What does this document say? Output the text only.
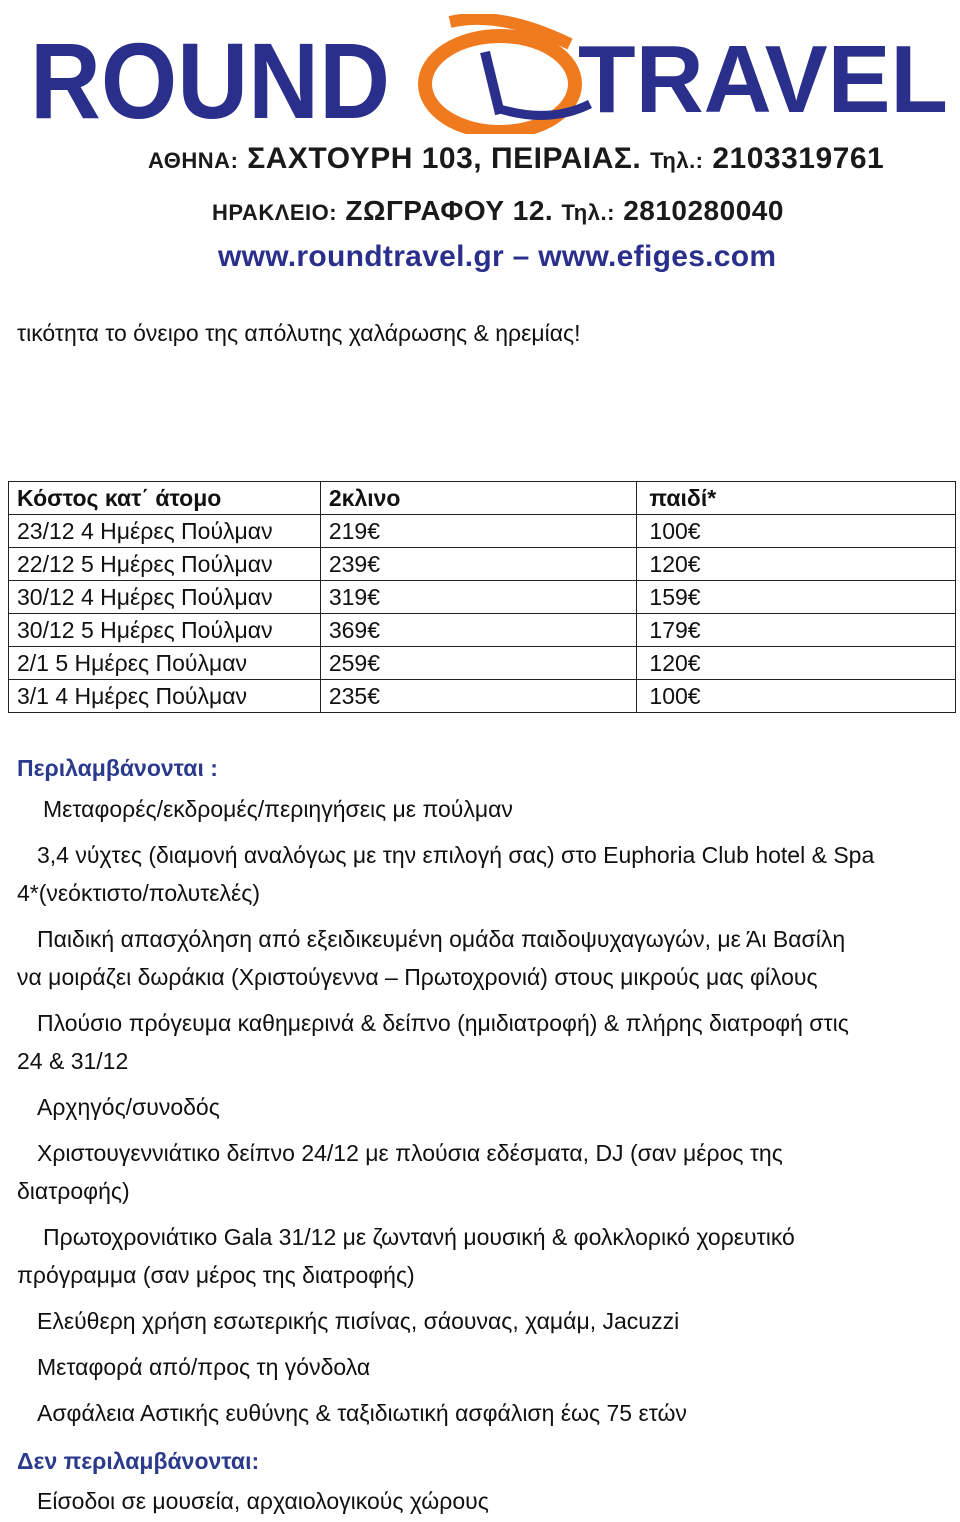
ROUND TRAVEL
ΑΘΗΝΑ: ΣΑΧΤΟΥΡΗ 103, ΠΕΙΡΑΙΑΣ. Τηλ.: 2103319761
ΗΡΑΚΛΕΙΟ: ΖΩΓΡΑΦΟΥ 12. Τηλ.: 2810280040
www.roundtravel.gr – www.efiges.com
τικότητα το όνειρο της απόλυτης χαλάρωσης & ηρεμίας!
Κόστος κατ΄ άτομο	2κλινο	παιδί*
23/12 4 Ημέρες Πούλμαν	219€	100€
22/12 5 Ημέρες Πούλμαν	239€	120€
30/12 4 Ημέρες Πούλμαν	319€	159€
30/12 5 Ημέρες Πούλμαν	369€	179€
2/1 5 Ημέρες Πούλμαν	259€	120€
3/1 4 Ημέρες Πούλμαν	235€	100€
Περιλαμβάνονται :
Μεταφορές/εκδρομές/περιηγήσεις με πούλμαν
3,4 νύχτες (διαμονή αναλόγως με την επιλογή σας) στο Euphoria Club hotel & Spa
4*(νεόκτιστο/πολυτελές)
Παιδική απασχόληση από εξειδικευμένη ομάδα παιδοψυχαγωγών, με Άι Βασίλη
να μοιράζει δωράκια (Χριστούγεννα – Πρωτοχρονιά) στους μικρούς μας φίλους
Πλούσιο πρόγευμα καθημερινά & δείπνο (ημιδιατροφή) & πλήρης διατροφή στις
24 & 31/12
Αρχηγός/συνοδός
Χριστουγεννιάτικο δείπνο 24/12 με πλούσια εδέσματα, DJ (σαν μέρος της
διατροφής)
Πρωτοχρονιάτικο Gala 31/12 με ζωντανή μουσική & φολκλορικό χορευτικό
πρόγραμμα (σαν μέρος της διατροφής)
Ελεύθερη χρήση εσωτερικής πισίνας, σάουνας, χαμάμ, Jacuzzi
Μεταφορά από/προς τη γόνδολα
Ασφάλεια Αστικής ευθύνης & ταξιδιωτική ασφάλιση έως 75 ετών
Δεν περιλαμβάνονται:
Είσοδοι σε μουσεία, αρχαιολογικούς χώρους
